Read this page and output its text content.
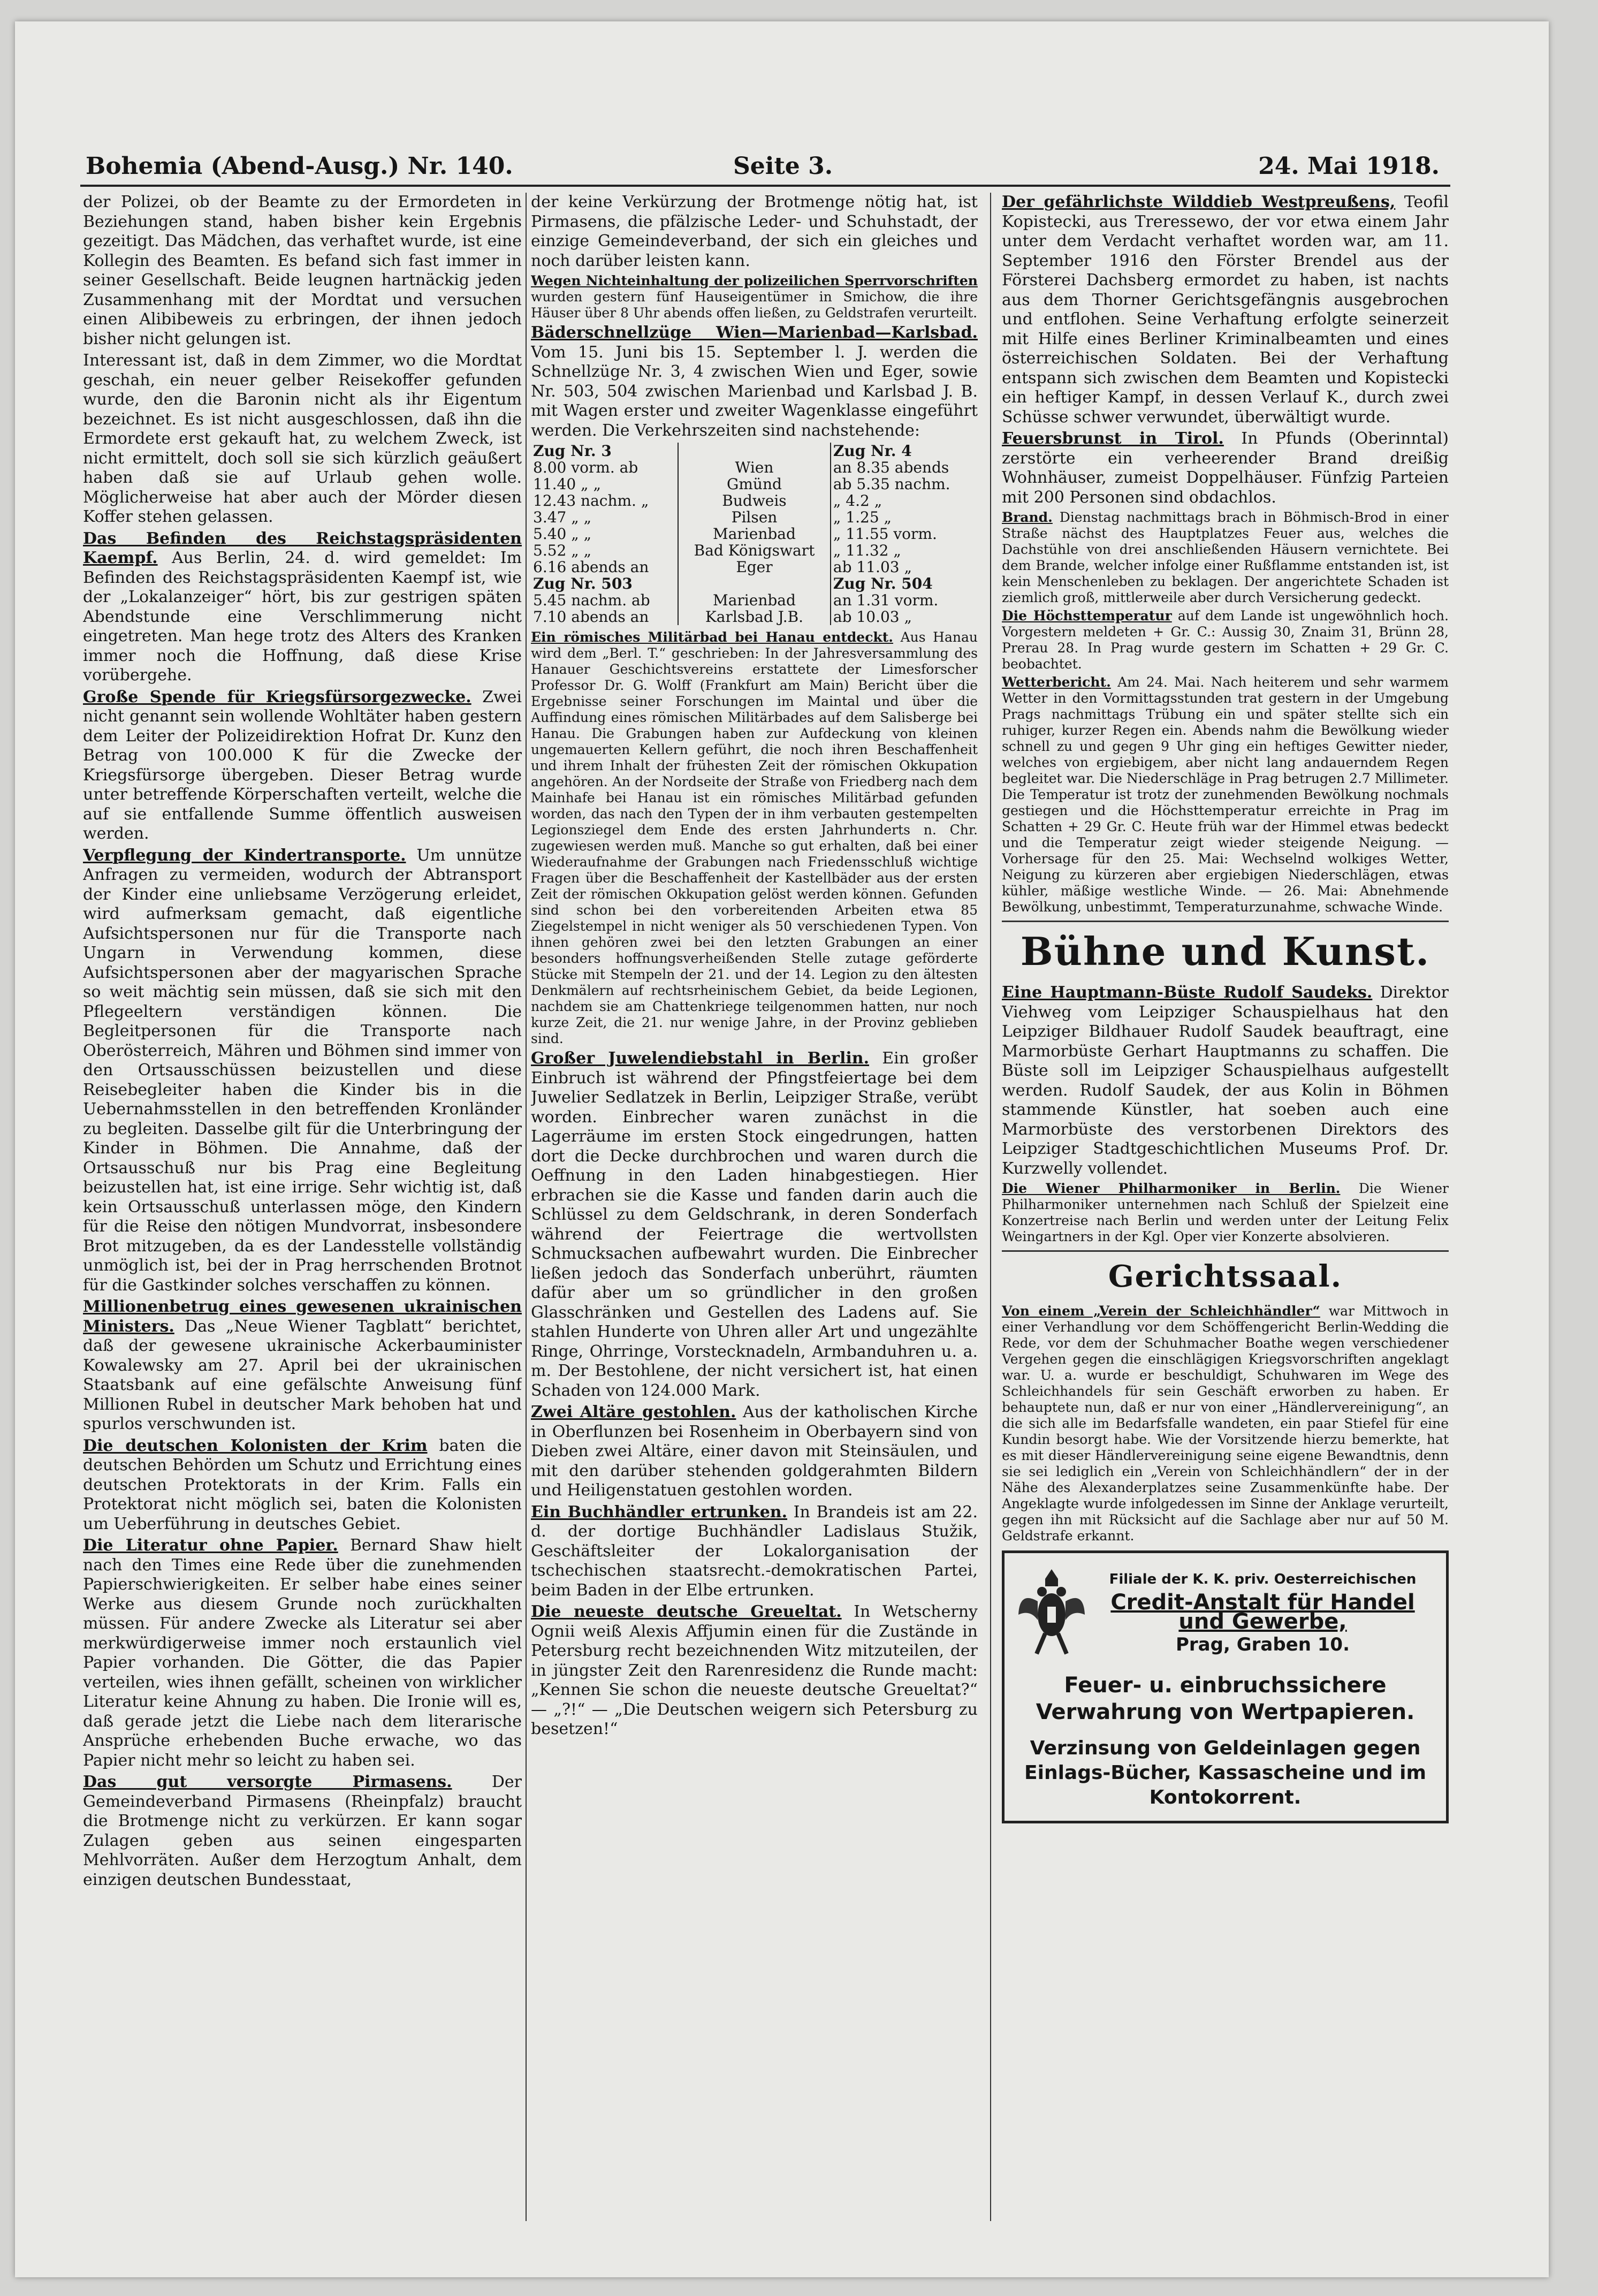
Bohemia (Abend-Ausg.) Nr. 140.	Seite 3.	24. Mai 1918.

der Polizei, ob der Beamte zu der Ermordeten in Beziehungen stand, haben bisher kein Ergebnis gezeitigt. Das Mädchen, das verhaftet wurde, ist eine Kollegin des Beamten. Es befand sich fast immer in seiner Gesellschaft. Beide leugnen hartnäckig jeden Zusammenhang mit der Mordtat und versuchen einen Alibibeweis zu erbringen, der ihnen jedoch bisher nicht gelungen ist.

Interessant ist, daß in dem Zimmer, wo die Mordtat geschah, ein neuer gelber Reisekoffer gefunden wurde, den die Baronin nicht als ihr Eigentum bezeichnet. Es ist nicht ausgeschlossen, daß ihn die Ermordete erst gekauft hat, zu welchem Zweck, ist nicht ermittelt, doch soll sie sich kürzlich geäußert haben daß sie auf Urlaub gehen wolle. Möglicherweise hat aber auch der Mörder diesen Koffer stehen gelassen.

Das Befinden des Reichstagspräsidenten Kaempf. Aus Berlin, 24. d. wird gemeldet: Im Befinden des Reichstagspräsidenten Kaempf ist, wie der „Lokalanzeiger“ hört, bis zur gestrigen späten Abendstunde eine Verschlimmerung nicht eingetreten. Man hege trotz des Alters des Kranken immer noch die Hoffnung, daß diese Krise vorübergehe.

Große Spende für Kriegsfürsorgezwecke. Zwei nicht genannt sein wollende Wohltäter haben gestern dem Leiter der Polizeidirektion Hofrat Dr. Kunz den Betrag von 100.000 K für die Zwecke der Kriegsfürsorge übergeben. Dieser Betrag wurde unter betreffende Körperschaften verteilt, welche die auf sie entfallende Summe öffentlich ausweisen werden.

Verpflegung der Kindertransporte. Um unnütze Anfragen zu vermeiden, wodurch der Abtransport der Kinder eine unliebsame Verzögerung erleidet, wird aufmerksam gemacht, daß eigentliche Aufsichtspersonen nur für die Transporte nach Ungarn in Verwendung kommen, diese Aufsichtspersonen aber der magyarischen Sprache so weit mächtig sein müssen, daß sie sich mit den Pflegeeltern verständigen können. Die Begleitpersonen für die Transporte nach Oberösterreich, Mähren und Böhmen sind immer von den Ortsausschüssen beizustellen und diese Reisebegleiter haben die Kinder bis in die Uebernahmsstellen in den betreffenden Kronländer zu begleiten. Dasselbe gilt für die Unterbringung der Kinder in Böhmen. Die Annahme, daß der Ortsausschuß nur bis Prag eine Begleitung beizustellen hat, ist eine irrige. Sehr wichtig ist, daß kein Ortsausschuß unterlassen möge, den Kindern für die Reise den nötigen Mundvorrat, insbesondere Brot mitzugeben, da es der Landesstelle vollständig unmöglich ist, bei der in Prag herrschenden Brotnot für die Gastkinder solches verschaffen zu können.

Millionenbetrug eines gewesenen ukrainischen Ministers. Das „Neue Wiener Tagblatt“ berichtet, daß der gewesene ukrainische Ackerbauminister Kowalewsky am 27. April bei der ukrainischen Staatsbank auf eine gefälschte Anweisung fünf Millionen Rubel in deutscher Mark behoben hat und spurlos verschwunden ist.

Die deutschen Kolonisten der Krim baten die deutschen Behörden um Schutz und Errichtung eines deutschen Protektorats in der Krim. Falls ein Protektorat nicht möglich sei, baten die Kolonisten um Ueberführung in deutsches Gebiet.

Die Literatur ohne Papier. Bernard Shaw hielt nach den Times eine Rede über die zunehmenden Papierschwierigkeiten. Er selber habe eines seiner Werke aus diesem Grunde noch zurückhalten müssen. Für andere Zwecke als Literatur sei aber merkwürdigerweise immer noch erstaunlich viel Papier vorhanden. Die Götter, die das Papier verteilen, wies ihnen gefällt, scheinen von wirklicher Literatur keine Ahnung zu haben. Die Ironie will es, daß gerade jetzt die Liebe nach dem literarische Ansprüche erhebenden Buche erwache, wo das Papier nicht mehr so leicht zu haben sei.

Das gut versorgte Pirmasens. Der Gemeindeverband Pirmasens (Rheinpfalz) braucht die Brotmenge nicht zu verkürzen. Er kann sogar Zulagen geben aus seinen eingesparten Mehlvorräten. Außer dem Herzogtum Anhalt, dem einzigen deutschen Bundesstaat,

der keine Verkürzung der Brotmenge nötig hat, ist Pirmasens, die pfälzische Leder- und Schuhstadt, der einzige Gemeindeverband, der sich ein gleiches und noch darüber leisten kann.

Wegen Nichteinhaltung der polizeilichen Sperrvorschriften wurden gestern fünf Hauseigentümer in Smichow, die ihre Häuser über 8 Uhr abends offen ließen, zu Geldstrafen verurteilt.

Bäderschnellzüge Wien—Marienbad—Karlsbad. Vom 15. Juni bis 15. September l. J. werden die Schnellzüge Nr. 3, 4 zwischen Wien und Eger, sowie Nr. 503, 504 zwischen Marienbad und Karlsbad J. B. mit Wagen erster und zweiter Wagenklasse eingeführt werden. Die Verkehrszeiten sind nachstehende:

Zug Nr. 3		Zug Nr. 4
8.00 vorm. ab	Wien	an 8.35 abends
11.40 „ „	Gmünd	ab 5.35 nachm.
12.43 nachm. „	Budweis	„ 4.2 „
3.47 „ „	Pilsen	„ 1.25 „
5.40 „ „	Marienbad	„ 11.55 vorm.
5.52 „ „	Bad Königswart	„ 11.32 „
6.16 abends an	Eger	ab 11.03 „
Zug Nr. 503		Zug Nr. 504
5.45 nachm. ab	Marienbad	an 1.31 vorm.
7.10 abends an	Karlsbad J.B.	ab 10.03 „

Ein römisches Militärbad bei Hanau entdeckt. Aus Hanau wird dem „Berl. T.“ geschrieben: In der Jahresversammlung des Hanauer Geschichtsvereins erstattete der Limesforscher Professor Dr. G. Wolff (Frankfurt am Main) Bericht über die Ergebnisse seiner Forschungen im Maintal und über die Auffindung eines römischen Militärbades auf dem Salisberge bei Hanau. Die Grabungen haben zur Aufdeckung von kleinen ungemauerten Kellern geführt, die noch ihren Beschaffenheit und ihrem Inhalt der frühesten Zeit der römischen Okkupation angehören. An der Nordseite der Straße von Friedberg nach dem Mainhafe bei Hanau ist ein römisches Militärbad gefunden worden, das nach den Typen der in ihm verbauten gestempelten Legionsziegel dem Ende des ersten Jahrhunderts n. Chr. zugewiesen werden muß. Manche so gut erhalten, daß bei einer Wiederaufnahme der Grabungen nach Friedensschluß wichtige Fragen über die Beschaffenheit der Kastellbäder aus der ersten Zeit der römischen Okkupation gelöst werden können. Gefunden sind schon bei den vorbereitenden Arbeiten etwa 85 Ziegelstempel in nicht weniger als 50 verschiedenen Typen. Von ihnen gehören zwei bei den letzten Grabungen an einer besonders hoffnungsverheißenden Stelle zutage geförderte Stücke mit Stempeln der 21. und der 14. Legion zu den ältesten Denkmälern auf rechtsrheinischem Gebiet, da beide Legionen, nachdem sie am Chattenkriege teilgenommen hatten, nur noch kurze Zeit, die 21. nur wenige Jahre, in der Provinz geblieben sind.

Großer Juwelendiebstahl in Berlin. Ein großer Einbruch ist während der Pfingstfeiertage bei dem Juwelier Sedlatzek in Berlin, Leipziger Straße, verübt worden. Einbrecher waren zunächst in die Lagerräume im ersten Stock eingedrungen, hatten dort die Decke durchbrochen und waren durch die Oeffnung in den Laden hinabgestiegen. Hier erbrachen sie die Kasse und fanden darin auch die Schlüssel zu dem Geldschrank, in deren Sonderfach während der Feiertrage die wertvollsten Schmucksachen aufbewahrt wurden. Die Einbrecher ließen jedoch das Sonderfach unberührt, räumten dafür aber um so gründlicher in den großen Glasschränken und Gestellen des Ladens auf. Sie stahlen Hunderte von Uhren aller Art und ungezählte Ringe, Ohrringe, Vorstecknadeln, Armbanduhren u. a. m. Der Bestohlene, der nicht versichert ist, hat einen Schaden von 124.000 Mark.

Zwei Altäre gestohlen. Aus der katholischen Kirche in Oberflunzen bei Rosenheim in Oberbayern sind von Dieben zwei Altäre, einer davon mit Steinsäulen, und mit den darüber stehenden goldgerahmten Bildern und Heiligenstatuen gestohlen worden.

Ein Buchhändler ertrunken. In Brandeis ist am 22. d. der dortige Buchhändler Ladislaus Stužik, Geschäftsleiter der Lokalorganisation der tschechischen staatsrecht.-demokratischen Partei, beim Baden in der Elbe ertrunken.

Die neueste deutsche Greueltat. In Wetscherny Ognii weiß Alexis Affjumin einen für die Zustände in Petersburg recht bezeichnenden Witz mitzuteilen, der in jüngster Zeit den Rarenresidenz die Runde macht: „Kennen Sie schon die neueste deutsche Greueltat?“ — „?!“ — „Die Deutschen weigern sich Petersburg zu besetzen!“

Der gefährlichste Wilddieb Westpreußens, Teofil Kopistecki, aus Treressewo, der vor etwa einem Jahr unter dem Verdacht verhaftet worden war, am 11. September 1916 den Förster Brendel aus der Försterei Dachsberg ermordet zu haben, ist nachts aus dem Thorner Gerichtsgefängnis ausgebrochen und entflohen. Seine Verhaftung erfolgte seinerzeit mit Hilfe eines Berliner Kriminalbeamten und eines österreichischen Soldaten. Bei der Verhaftung entspann sich zwischen dem Beamten und Kopistecki ein heftiger Kampf, in dessen Verlauf K., durch zwei Schüsse schwer verwundet, überwältigt wurde.

Feuersbrunst in Tirol. In Pfunds (Oberinntal) zerstörte ein verheerender Brand dreißig Wohnhäuser, zumeist Doppelhäuser. Fünfzig Parteien mit 200 Personen sind obdachlos.

Brand. Dienstag nachmittags brach in Böhmisch-Brod in einer Straße nächst des Hauptplatzes Feuer aus, welches die Dachstühle von drei anschließenden Häusern vernichtete. Bei dem Brande, welcher infolge einer Rußflamme entstanden ist, ist kein Menschenleben zu beklagen. Der angerichtete Schaden ist ziemlich groß, mittlerweile aber durch Versicherung gedeckt.

Die Höchsttemperatur auf dem Lande ist ungewöhnlich hoch. Vorgestern meldeten + Gr. C.: Aussig 30, Znaim 31, Brünn 28, Prerau 28. In Prag wurde gestern im Schatten + 29 Gr. C. beobachtet.

Wetterbericht. Am 24. Mai. Nach heiterem und sehr warmem Wetter in den Vormittagsstunden trat gestern in der Umgebung Prags nachmittags Trübung ein und später stellte sich ein ruhiger, kurzer Regen ein. Abends nahm die Bewölkung wieder schnell zu und gegen 9 Uhr ging ein heftiges Gewitter nieder, welches von ergiebigem, aber nicht lang andauerndem Regen begleitet war. Die Niederschläge in Prag betrugen 2.7 Millimeter. Die Temperatur ist trotz der zunehmenden Bewölkung nochmals gestiegen und die Höchsttemperatur erreichte in Prag im Schatten + 29 Gr. C. Heute früh war der Himmel etwas bedeckt und die Temperatur zeigt wieder steigende Neigung. — Vorhersage für den 25. Mai: Wechselnd wolkiges Wetter, Neigung zu kürzeren aber ergiebigen Niederschlägen, etwas kühler, mäßige westliche Winde. — 26. Mai: Abnehmende Bewölkung, unbestimmt, Temperaturzunahme, schwache Winde.

Bühne und Kunst.

Eine Hauptmann-Büste Rudolf Saudeks. Direktor Viehweg vom Leipziger Schauspielhaus hat den Leipziger Bildhauer Rudolf Saudek beauftragt, eine Marmorbüste Gerhart Hauptmanns zu schaffen. Die Büste soll im Leipziger Schauspielhaus aufgestellt werden. Rudolf Saudek, der aus Kolin in Böhmen stammende Künstler, hat soeben auch eine Marmorbüste des verstorbenen Direktors des Leipziger Stadtgeschichtlichen Museums Prof. Dr. Kurzwelly vollendet.

Die Wiener Philharmoniker in Berlin. Die Wiener Philharmoniker unternehmen nach Schluß der Spielzeit eine Konzertreise nach Berlin und werden unter der Leitung Felix Weingartners in der Kgl. Oper vier Konzerte absolvieren.

Gerichtssaal.

Von einem „Verein der Schleichhändler“ war Mittwoch in einer Verhandlung vor dem Schöffengericht Berlin-Wedding die Rede, vor dem der Schuhmacher Boathe wegen verschiedener Vergehen gegen die einschlägigen Kriegsvorschriften angeklagt war. U. a. wurde er beschuldigt, Schuhwaren im Wege des Schleichhandels für sein Geschäft erworben zu haben. Er behauptete nun, daß er nur von einer „Händlervereinigung“, an die sich alle im Bedarfsfalle wandeten, ein paar Stiefel für eine Kundin besorgt habe. Wie der Vorsitzende hierzu bemerkte, hat es mit dieser Händlervereinigung seine eigene Bewandtnis, denn sie sei lediglich ein „Verein von Schleichhändlern“ der in der Nähe des Alexanderplatzes seine Zusammenkünfte habe. Der Angeklagte wurde infolgedessen im Sinne der Anklage verurteilt, gegen ihn mit Rücksicht auf die Sachlage aber nur auf 50 M. Geldstrafe erkannt.

Filiale der K. K. priv. Oesterreichischen
Credit-Anstalt für Handel und Gewerbe,
Prag, Graben 10.
Feuer- u. einbruchssichere Verwahrung von Wertpapieren.
Verzinsung von Geldeinlagen gegen Einlags-Bücher, Kassascheine und im
Kontokorrent.
